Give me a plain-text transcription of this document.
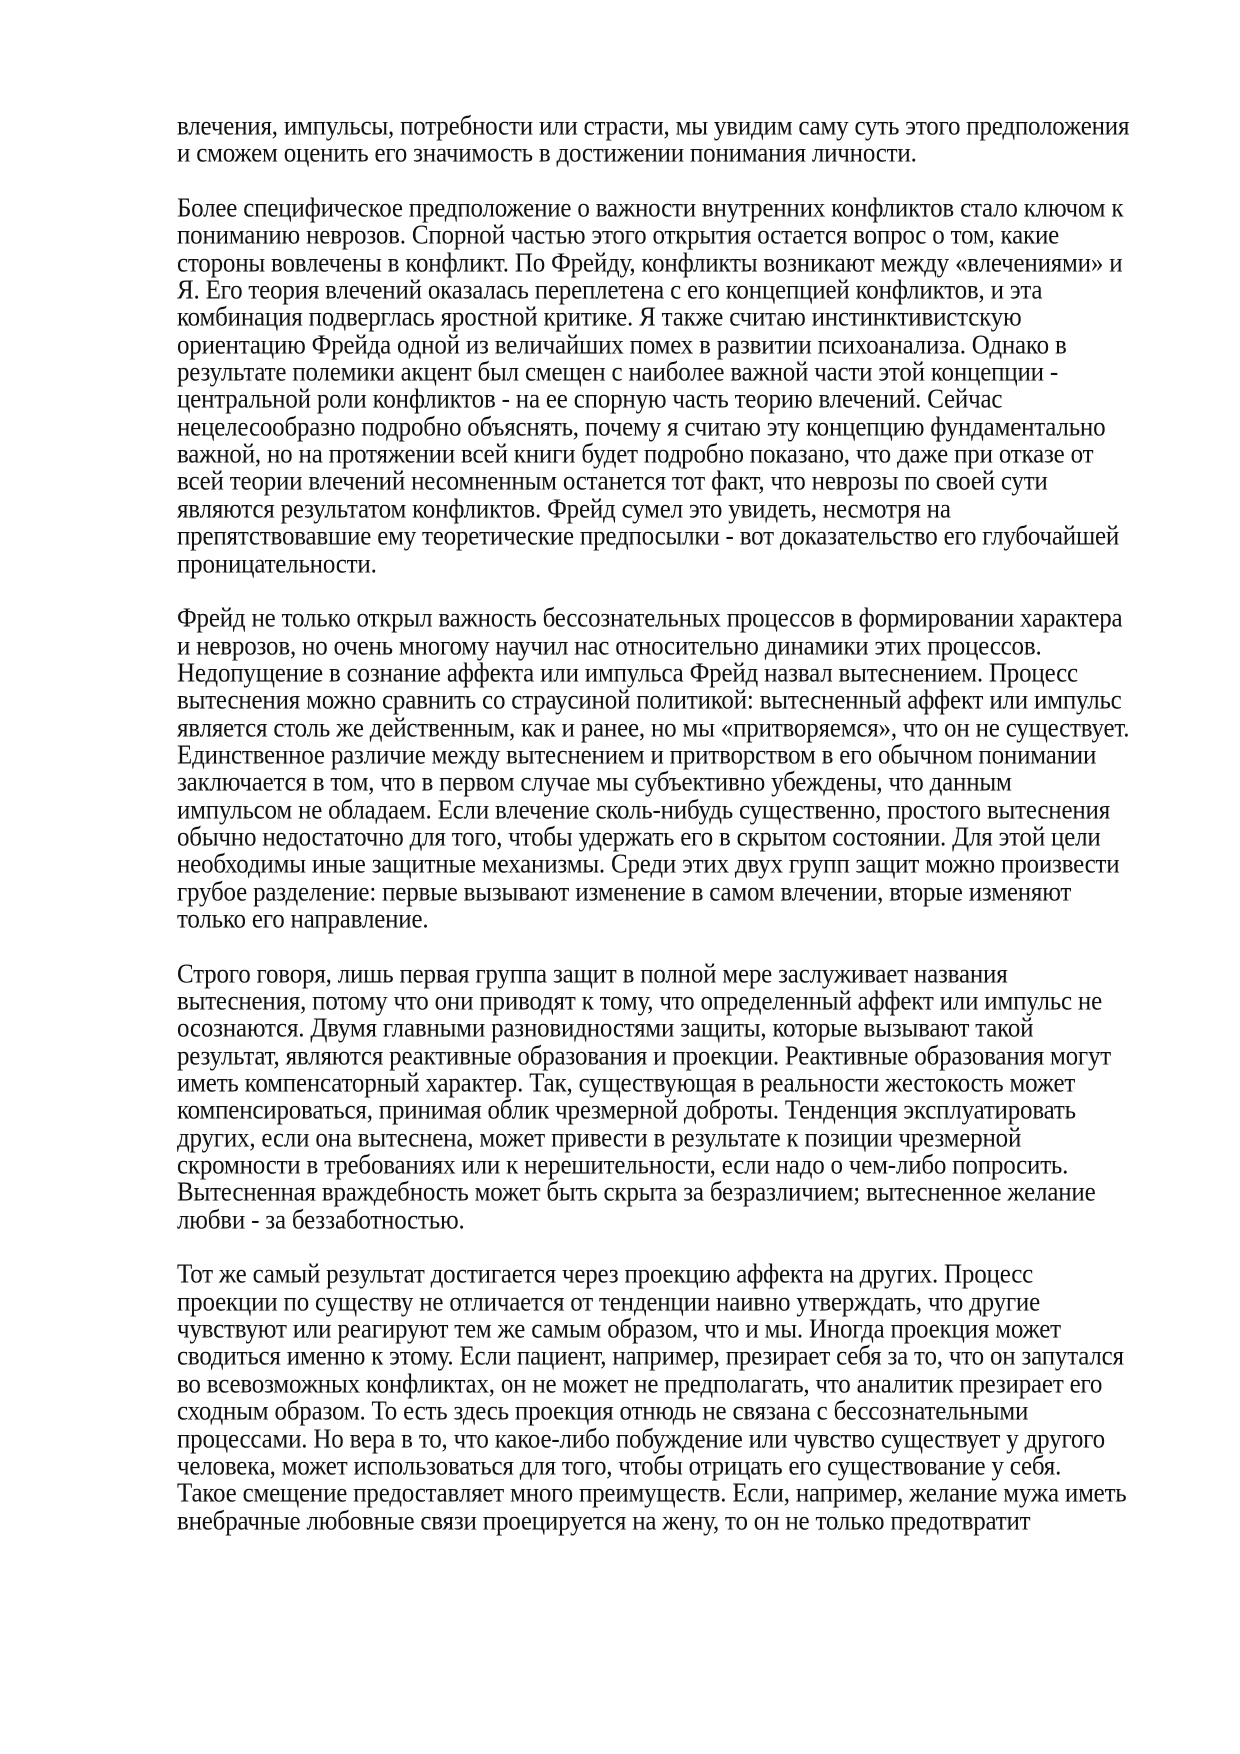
влечения, импульсы, потребности или страсти, мы увидим саму суть этого предположения
и сможем оценить его значимость в достижении понимания личности.
Более специфическое предположение о важности внутренних конфликтов стало ключом к
пониманию неврозов. Спорной частью этого открытия остается вопрос о том, какие
стороны вовлечены в конфликт. По Фрейду, конфликты возникают между «влечениями» и
Я. Его теория влечений оказалась переплетена с его концепцией конфликтов, и эта
комбинация подверглась яростной критике. Я также считаю инстинктивистскую
ориентацию Фрейда одной из величайших помех в развитии психоанализа. Однако в
результате полемики акцент был смещен с наиболее важной части этой концепции -
центральной роли конфликтов - на ее спорную часть теорию влечений. Сейчас
нецелесообразно подробно объяснять, почему я считаю эту концепцию фундаментально
важной, но на протяжении всей книги будет подробно показано, что даже при отказе от
всей теории влечений несомненным останется тот факт, что неврозы по своей сути
являются результатом конфликтов. Фрейд сумел это увидеть, несмотря на
препятствовавшие ему теоретические предпосылки - вот доказательство его глубочайшей
проницательности.
Фрейд не только открыл важность бессознательных процессов в формировании характера
и неврозов, но очень многому научил нас относительно динамики этих процессов.
Недопущение в сознание аффекта или импульса Фрейд назвал вытеснением. Процесс
вытеснения можно сравнить со страусиной политикой: вытесненный аффект или импульс
является столь же действенным, как и ранее, но мы «притворяемся», что он не существует.
Единственное различие между вытеснением и притворством в его обычном понимании
заключается в том, что в первом случае мы субъективно убеждены, что данным
импульсом не обладаем. Если влечение сколь-нибудь существенно, простого вытеснения
обычно недостаточно для того, чтобы удержать его в скрытом состоянии. Для этой цели
необходимы иные защитные механизмы. Среди этих двух групп защит можно произвести
грубое разделение: первые вызывают изменение в самом влечении, вторые изменяют
только его направление.
Строго говоря, лишь первая группа защит в полной мере заслуживает названия
вытеснения, потому что они приводят к тому, что определенный аффект или импульс не
осознаются. Двумя главными разновидностями защиты, которые вызывают такой
результат, являются реактивные образования и проекции. Реактивные образования могут
иметь компенсаторный характер. Так, существующая в реальности жестокость может
компенсироваться, принимая облик чрезмерной доброты. Тенденция эксплуатировать
других, если она вытеснена, может привести в результате к позиции чрезмерной
скромности в требованиях или к нерешительности, если надо о чем-либо попросить.
Вытесненная враждебность может быть скрыта за безразличием; вытесненное желание
любви - за беззаботностью.
Тот же самый результат достигается через проекцию аффекта на других. Процесс
проекции по существу не отличается от тенденции наивно утверждать, что другие
чувствуют или реагируют тем же самым образом, что и мы. Иногда проекция может
сводиться именно к этому. Если пациент, например, презирает себя за то, что он запутался
во всевозможных конфликтах, он не может не предполагать, что аналитик презирает его
сходным образом. То есть здесь проекция отнюдь не связана с бессознательными
процессами. Но вера в то, что какое-либо побуждение или чувство существует у другого
человека, может использоваться для того, чтобы отрицать его существование у себя.
Такое смещение предоставляет много преимуществ. Если, например, желание мужа иметь
внебрачные любовные связи проецируется на жену, то он не только предотвратит
